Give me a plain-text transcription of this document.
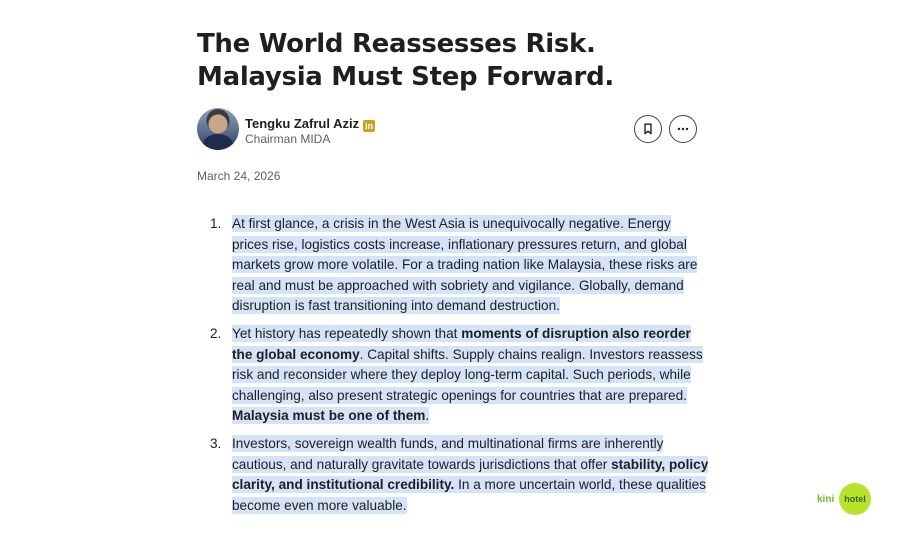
The World Reassesses Risk. Malaysia Must Step Forward.
Tengku Zafrul Aziz in
Chairman MIDA
March 24, 2026
1. At first glance, a crisis in the West Asia is unequivocally negative. Energy prices rise, logistics costs increase, inflationary pressures return, and global markets grow more volatile. For a trading nation like Malaysia, these risks are real and must be approached with sobriety and vigilance. Globally, demand disruption is fast transitioning into demand destruction.

2. Yet history has repeatedly shown that moments of disruption also reorder the global economy. Capital shifts. Supply chains realign. Investors reassess risk and reconsider where they deploy long-term capital. Such periods, while challenging, also present strategic openings for countries that are prepared. Malaysia must be one of them.

3. Investors, sovereign wealth funds, and multinational firms are inherently cautious, and naturally gravitate towards jurisdictions that offer stability, policy clarity, and institutional credibility. In a more uncertain world, these qualities become even more valuable.	kini	hotel
